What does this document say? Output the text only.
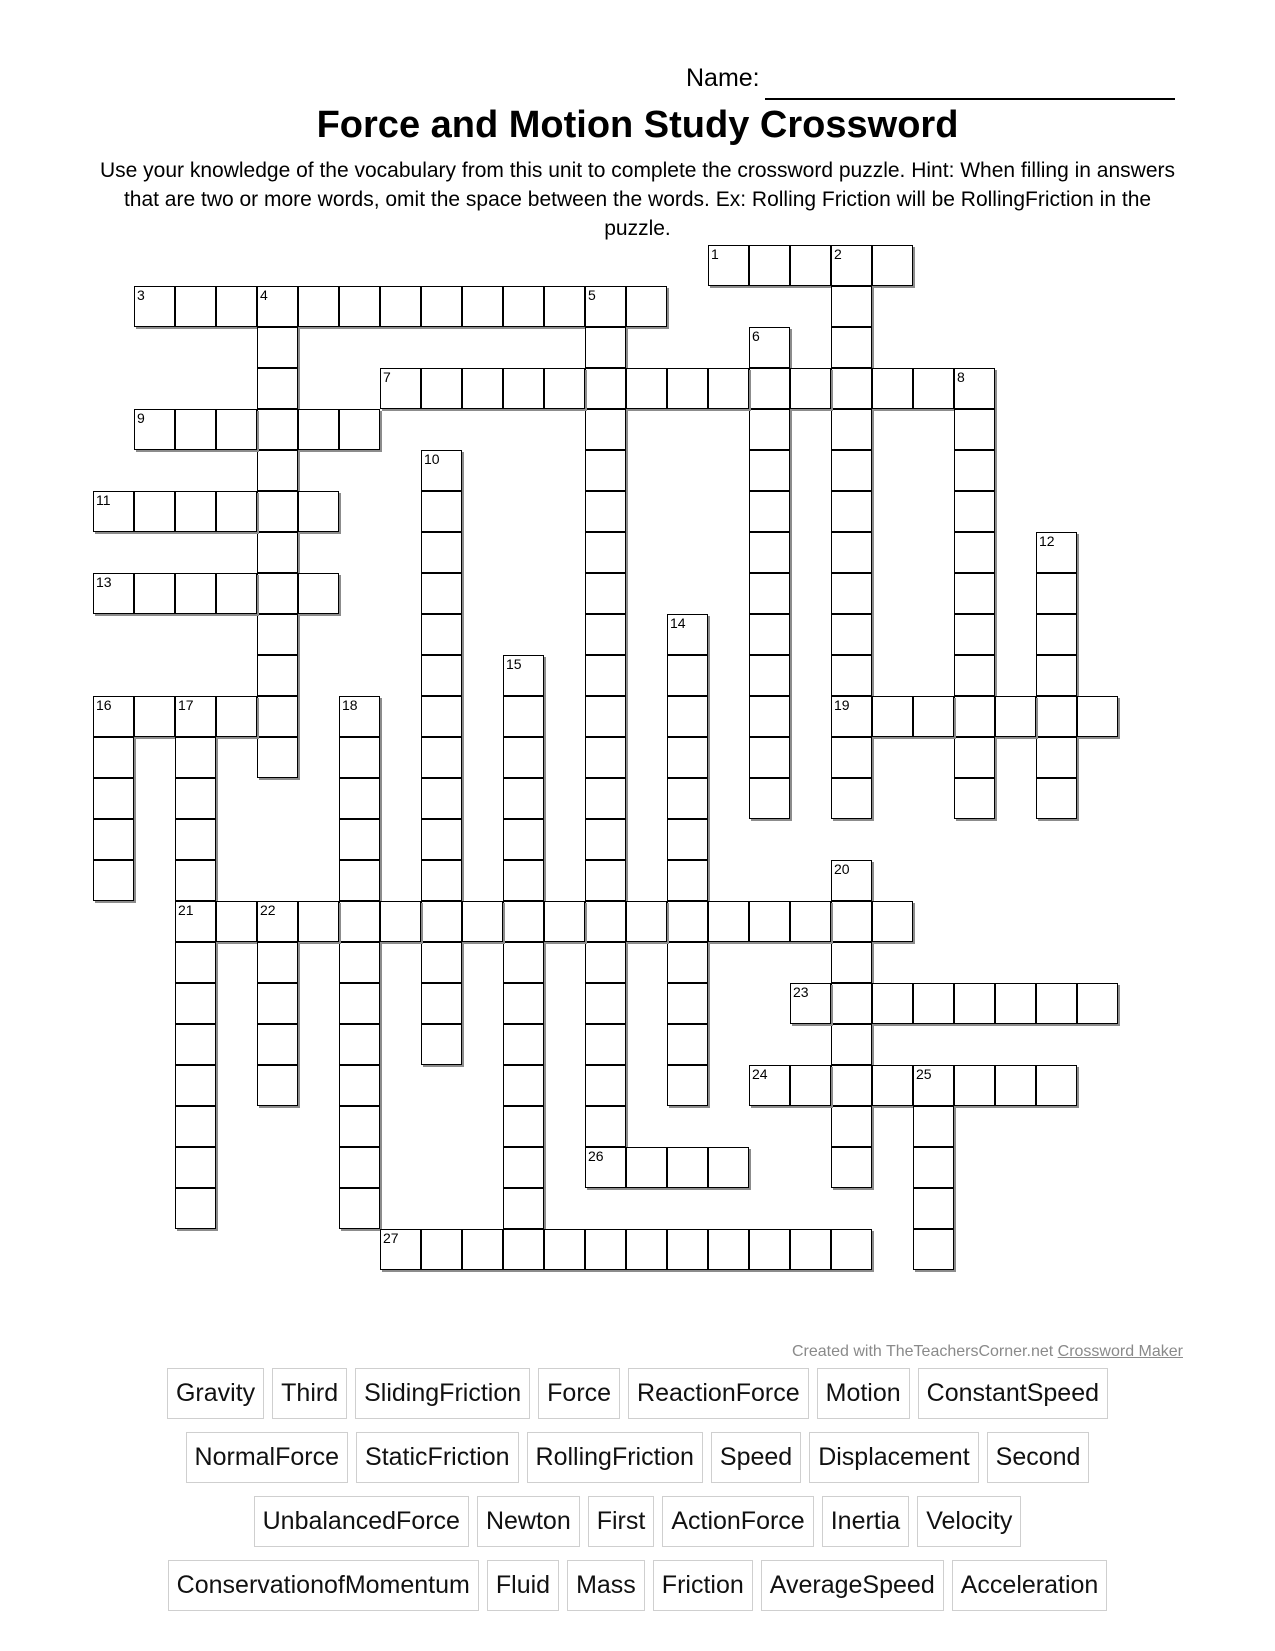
Name:
Force and Motion Study Crossword
Use your knowledge of the vocabulary from this unit to complete the crossword puzzle. Hint: When filling in answers that are two or more words, omit the space between the words. Ex: Rolling Friction will be RollingFriction in the puzzle.
1	2
19
3	4	5
26
6
7	8
9
10
11
12
13
14
15
16	17
21
18
20
22
23
24	25
27
Created with TheTeachersCorner.net Crossword Maker
Gravity	Third	SlidingFriction	Force	ReactionForce	Motion	ConstantSpeed
NormalForce	StaticFriction	RollingFriction	Speed	Displacement	Second
UnbalancedForce	Newton	First	ActionForce	Inertia	Velocity
ConservationofMomentum	Fluid	Mass	Friction	AverageSpeed	Acceleration
